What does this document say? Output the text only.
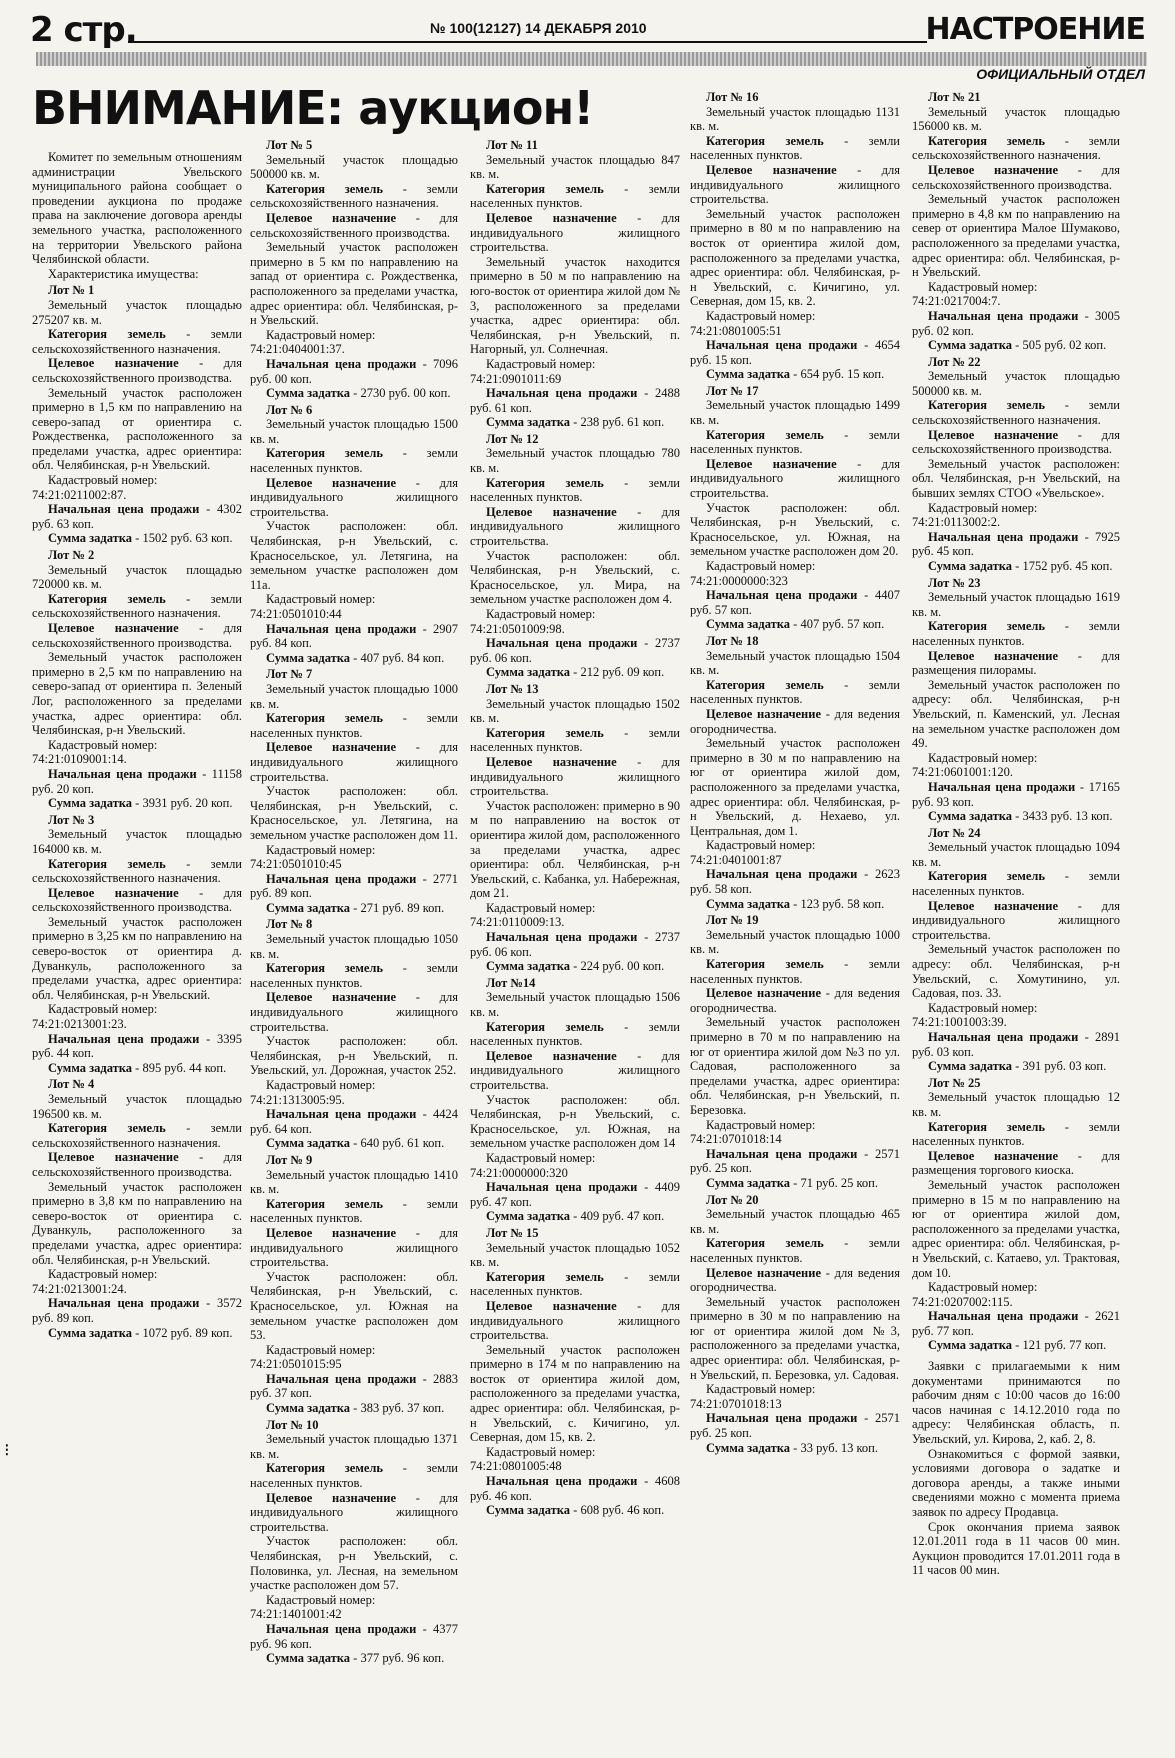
2 стр.	№ 100(12127) 14 ДЕКАБРЯ 2010	НАСТРОЕНИЕ
ОФИЦИАЛЬНЫЙ ОТДЕЛ
ВНИМАНИЕ: аукцион!

Комитет по земельным отношениям администрации Увельского муниципального района сообщает о проведении аукциона по продаже права на заключение договора аренды земельного участка, расположенного на территории Увельского района Челябинской области.

Характеристика имущества:

Лот № 1

Земельный участок площадью 275207 кв. м.

Категория земель - земли сельскохозяйственного назначения.

Целевое назначение - для сельскохозяйственного производства.

Земельный участок расположен примерно в 1,5 км по направлению на северо-запад от ориентира с. Рождественка, расположенного за пределами участка, адрес ориентира: обл. Челябинская, р-н Увельский.

Кадастровый номер:

74:21:0211002:87.

Начальная цена продажи - 4302 руб. 63 коп.

Сумма задатка - 1502 руб. 63 коп.

Лот № 2

Земельный участок площадью 720000 кв. м.

Категория земель - земли сельскохозяйственного назначения.

Целевое назначение - для сельскохозяйственного производства.

Земельный участок расположен примерно в 2,5 км по направлению на северо-запад от ориентира п. Зеленый Лог, расположенного за пределами участка, адрес ориентира: обл. Челябинская, р-н Увельский.

Кадастровый номер:

74:21:0109001:14.

Начальная цена продажи - 11158 руб. 20 коп.

Сумма задатка - 3931 руб. 20 коп.

Лот № 3

Земельный участок площадью 164000 кв. м.

Категория земель - земли сельскохозяйственного назначения.

Целевое назначение - для сельскохозяйственного производства.

Земельный участок расположен примерно в 3,25 км по направлению на северо-восток от ориентира д. Дуванкуль, расположенного за пределами участка, адрес ориентира: обл. Челябинская, р-н Увельский.

Кадастровый номер:

74:21:0213001:23.

Начальная цена продажи - 3395 руб. 44 коп.

Сумма задатка - 895 руб. 44 коп.

Лот № 4

Земельный участок площадью 196500 кв. м.

Категория земель - земли сельскохозяйственного назначения.

Целевое назначение - для сельскохозяйственного производства.

Земельный участок расположен примерно в 3,8 км по направлению на северо-восток от ориентира с. Дуванкуль, расположенного за пределами участка, адрес ориентира: обл. Челябинская, р-н Увельский.

Кадастровый номер:

74:21:0213001:24.

Начальная цена продажи - 3572 руб. 89 коп.

Сумма задатка - 1072 руб. 89 коп.

Лот № 5

Земельный участок площадью 500000 кв. м.

Категория земель - земли сельскохозяйственного назначения.

Целевое назначение - для сельскохозяйственного производства.

Земельный участок расположен примерно в 5 км по направлению на запад от ориентира с. Рождественка, расположенного за пределами участка, адрес ориентира: обл. Челябинская, р-н Увельский.

Кадастровый номер:

74:21:0404001:37.

Начальная цена продажи - 7096 руб. 00 коп.

Сумма задатка - 2730 руб. 00 коп.

Лот № 6

Земельный участок площадью 1500 кв. м.

Категория земель - земли населенных пунктов.

Целевое назначение - для индивидуального жилищного строительства.

Участок расположен: обл. Челябинская, р-н Увельский, с. Красносельское, ул. Летягина, на земельном участке расположен дом 11а.

Кадастровый номер:

74:21:0501010:44

Начальная цена продажи - 2907 руб. 84 коп.

Сумма задатка - 407 руб. 84 коп.

Лот № 7

Земельный участок площадью 1000 кв. м.

Категория земель - земли населенных пунктов.

Целевое назначение - для индивидуального жилищного строительства.

Участок расположен: обл. Челябинская, р-н Увельский, с. Красносельское, ул. Летягина, на земельном участке расположен дом 11.

Кадастровый номер:

74:21:0501010:45

Начальная цена продажи - 2771 руб. 89 коп.

Сумма задатка - 271 руб. 89 коп.

Лот № 8

Земельный участок площадью 1050 кв. м.

Категория земель - земли населенных пунктов.

Целевое назначение - для индивидуального жилищного строительства.

Участок расположен: обл. Челябинская, р-н Увельский, п. Увельский, ул. Дорожная, участок 252.

Кадастровый номер:

74:21:1313005:95.

Начальная цена продажи - 4424 руб. 64 коп.

Сумма задатка - 640 руб. 61 коп.

Лот № 9

Земельный участок площадью 1410 кв. м.

Категория земель - земли населенных пунктов.

Целевое назначение - для индивидуального жилищного строительства.

Участок расположен: обл. Челябинская, р-н Увельский, с. Красносельское, ул. Южная на земельном участке расположен дом 53.

Кадастровый номер:

74:21:0501015:95

Начальная цена продажи - 2883 руб. 37 коп.

Сумма задатка - 383 руб. 37 коп.

Лот № 10

Земельный участок площадью 1371 кв. м.

Категория земель - земли населенных пунктов.

Целевое назначение - для индивидуального жилищного строительства.

Участок расположен: обл. Челябинская, р-н Увельский, с. Половинка, ул. Лесная, на земельном участке расположен дом 57.

Кадастровый номер:

74:21:1401001:42

Начальная цена продажи - 4377 руб. 96 коп.

Сумма задатка - 377 руб. 96 коп.

Лот № 11

Земельный участок площадью 847 кв. м.

Категория земель - земли населенных пунктов.

Целевое назначение - для индивидуального жилищного строительства.

Земельный участок находится примерно в 50 м по направлению на юго-восток от ориентира жилой дом № 3, расположенного за пределами участка, адрес ориентира: обл. Челябинская, р-н Увельский, п. Нагорный, ул. Солнечная.

Кадастровый номер:

74:21:0901011:69

Начальная цена продажи - 2488 руб. 61 коп.

Сумма задатка - 238 руб. 61 коп.

Лот № 12

Земельный участок площадью 780 кв. м.

Категория земель - земли населенных пунктов.

Целевое назначение - для индивидуального жилищного строительства.

Участок расположен: обл. Челябинская, р-н Увельский, с. Красносельское, ул. Мира, на земельном участке расположен дом 4.

Кадастровый номер:

74:21:0501009:98.

Начальная цена продажи - 2737 руб. 06 коп.

Сумма задатка - 212 руб. 09 коп.

Лот № 13

Земельный участок площадью 1502 кв. м.

Категория земель - земли населенных пунктов.

Целевое назначение - для индивидуального жилищного строительства.

Участок расположен: примерно в 90 м по направлению на восток от ориентира жилой дом, расположенного за пределами участка, адрес ориентира: обл. Челябинская, р-н Увельский, с. Кабанка, ул. Набережная, дом 21.

Кадастровый номер:

74:21:0110009:13.

Начальная цена продажи - 2737 руб. 06 коп.

Сумма задатка - 224 руб. 00 коп.

Лот №14

Земельный участок площадью 1506 кв. м.

Категория земель - земли населенных пунктов.

Целевое назначение - для индивидуального жилищного строительства.

Участок расположен: обл. Челябинская, р-н Увельский, с. Красносельское, ул. Южная, на земельном участке расположен дом 14

Кадастровый номер:

74:21:0000000:320

Начальная цена продажи - 4409 руб. 47 коп.

Сумма задатка - 409 руб. 47 коп.

Лот № 15

Земельный участок площадью 1052 кв. м.

Категория земель - земли населенных пунктов.

Целевое назначение - для индивидуального жилищного строительства.

Земельный участок расположен примерно в 174 м по направлению на восток от ориентира жилой дом, расположенного за пределами участка, адрес ориентира: обл. Челябинская, р-н Увельский, с. Кичигино, ул. Северная, дом 15, кв. 2.

Кадастровый номер:

74:21:0801005:48

Начальная цена продажи - 4608 руб. 46 коп.

Сумма задатка - 608 руб. 46 коп.

Лот № 16

Земельный участок площадью 1131 кв. м.

Категория земель - земли населенных пунктов.

Целевое назначение - для индивидуального жилищного строительства.

Земельный участок расположен примерно в 80 м по направлению на восток от ориентира жилой дом, расположенного за пределами участка, адрес ориентира: обл. Челябинская, р-н Увельский, с. Кичигино, ул. Северная, дом 15, кв. 2.

Кадастровый номер:

74:21:0801005:51

Начальная цена продажи - 4654 руб. 15 коп.

Сумма задатка - 654 руб. 15 коп.

Лот № 17

Земельный участок площадью 1499 кв. м.

Категория земель - земли населенных пунктов.

Целевое назначение - для индивидуального жилищного строительства.

Участок расположен: обл. Челябинская, р-н Увельский, с. Красносельское, ул. Южная, на земельном участке расположен дом 20.

Кадастровый номер:

74:21:0000000:323

Начальная цена продажи - 4407 руб. 57 коп.

Сумма задатка - 407 руб. 57 коп.

Лот № 18

Земельный участок площадью 1504 кв. м.

Категория земель - земли населенных пунктов.

Целевое назначение - для ведения огородничества.

Земельный участок расположен примерно в 30 м по направлению на юг от ориентира жилой дом, расположенного за пределами участка, адрес ориентира: обл. Челябинская, р-н Увельский, д. Нехаево, ул. Центральная, дом 1.

Кадастровый номер:

74:21:0401001:87

Начальная цена продажи - 2623 руб. 58 коп.

Сумма задатка - 123 руб. 58 коп.

Лот № 19

Земельный участок площадью 1000 кв. м.

Категория земель - земли населенных пунктов.

Целевое назначение - для ведения огородничества.

Земельный участок расположен примерно в 70 м по направлению на юг от ориентира жилой дом №3 по ул. Садовая, расположенного за пределами участка, адрес ориентира: обл. Челябинская, р-н Увельский, п. Березовка.

Кадастровый номер:

74:21:0701018:14

Начальная цена продажи - 2571 руб. 25 коп.

Сумма задатка - 71 руб. 25 коп.

Лот № 20

Земельный участок площадью 465 кв. м.

Категория земель - земли населенных пунктов.

Целевое назначение - для ведения огородничества.

Земельный участок расположен примерно в 30 м по направлению на юг от ориентира жилой дом №3, расположенного за пределами участка, адрес ориентира: обл. Челябинская, р-н Увельский, п. Березовка, ул. Садовая.

Кадастровый номер:

74:21:0701018:13

Начальная цена продажи - 2571 руб. 25 коп.

Сумма задатка - 33 руб. 13 коп.

Лот № 21

Земельный участок площадью 156000 кв. м.

Категория земель - земли сельскохозяйственного назначения.

Целевое назначение - для сельскохозяйственного производства.

Земельный участок расположен примерно в 4,8 км по направлению на север от ориентира Малое Шумаково, расположенного за пределами участка, адрес ориентира: обл. Челябинская, р-н Увельский.

Кадастровый номер:

74:21:0217004:7.

Начальная цена продажи - 3005 руб. 02 коп.

Сумма задатка - 505 руб. 02 коп.

Лот № 22

Земельный участок площадью 500000 кв. м.

Категория земель - земли сельскохозяйственного назначения.

Целевое назначение - для сельскохозяйственного производства.

Земельный участок расположен: обл. Челябинская, р-н Увельский, на бывших землях СТОО «Увельское».

Кадастровый номер:

74:21:0113002:2.

Начальная цена продажи - 7925 руб. 45 коп.

Сумма задатка - 1752 руб. 45 коп.

Лот № 23

Земельный участок площадью 1619 кв. м.

Категория земель - земли населенных пунктов.

Целевое назначение - для размещения пилорамы.

Земельный участок расположен по адресу: обл. Челябинская, р-н Увельский, п. Каменский, ул. Лесная на земельном участке расположен дом 49.

Кадастровый номер:

74:21:0601001:120.

Начальная цена продажи - 17165 руб. 93 коп.

Сумма задатка - 3433 руб. 13 коп.

Лот № 24

Земельный участок площадью 1094 кв. м.

Категория земель - земли населенных пунктов.

Целевое назначение - для индивидуального жилищного строительства.

Земельный участок расположен по адресу: обл. Челябинская, р-н Увельский, с. Хомутинино, ул. Садовая, поз. 33.

Кадастровый номер:

74:21:1001003:39.

Начальная цена продажи - 2891 руб. 03 коп.

Сумма задатка - 391 руб. 03 коп.

Лот № 25

Земельный участок площадью 12 кв. м.

Категория земель - земли населенных пунктов.

Целевое назначение - для размещения торгового киоска.

Земельный участок расположен примерно в 15 м по направлению на юг от ориентира жилой дом, расположенного за пределами участка, адрес ориентира: обл. Челябинская, р-н Увельский, с. Катаево, ул. Трактовая, дом 10.

Кадастровый номер:

74:21:0207002:115.

Начальная цена продажи - 2621 руб. 77 коп.

Сумма задатка - 121 руб. 77 коп.

Заявки с прилагаемыми к ним документами принимаются по рабочим дням с 10:00 часов до 16:00 часов начиная с 14.12.2010 года по адресу: Челябинская область, п. Увельский, ул. Кирова, 2, каб. 2, 8.

Ознакомиться с формой заявки, условиями договора о задатке и договора аренды, а также иными сведениями можно с момента приема заявок по адресу Продавца.

Срок окончания приема заявок 12.01.2011 года в 11 часов 00 мин. Аукцион проводится 17.01.2011 года в 11 часов 00 мин.

⁝
